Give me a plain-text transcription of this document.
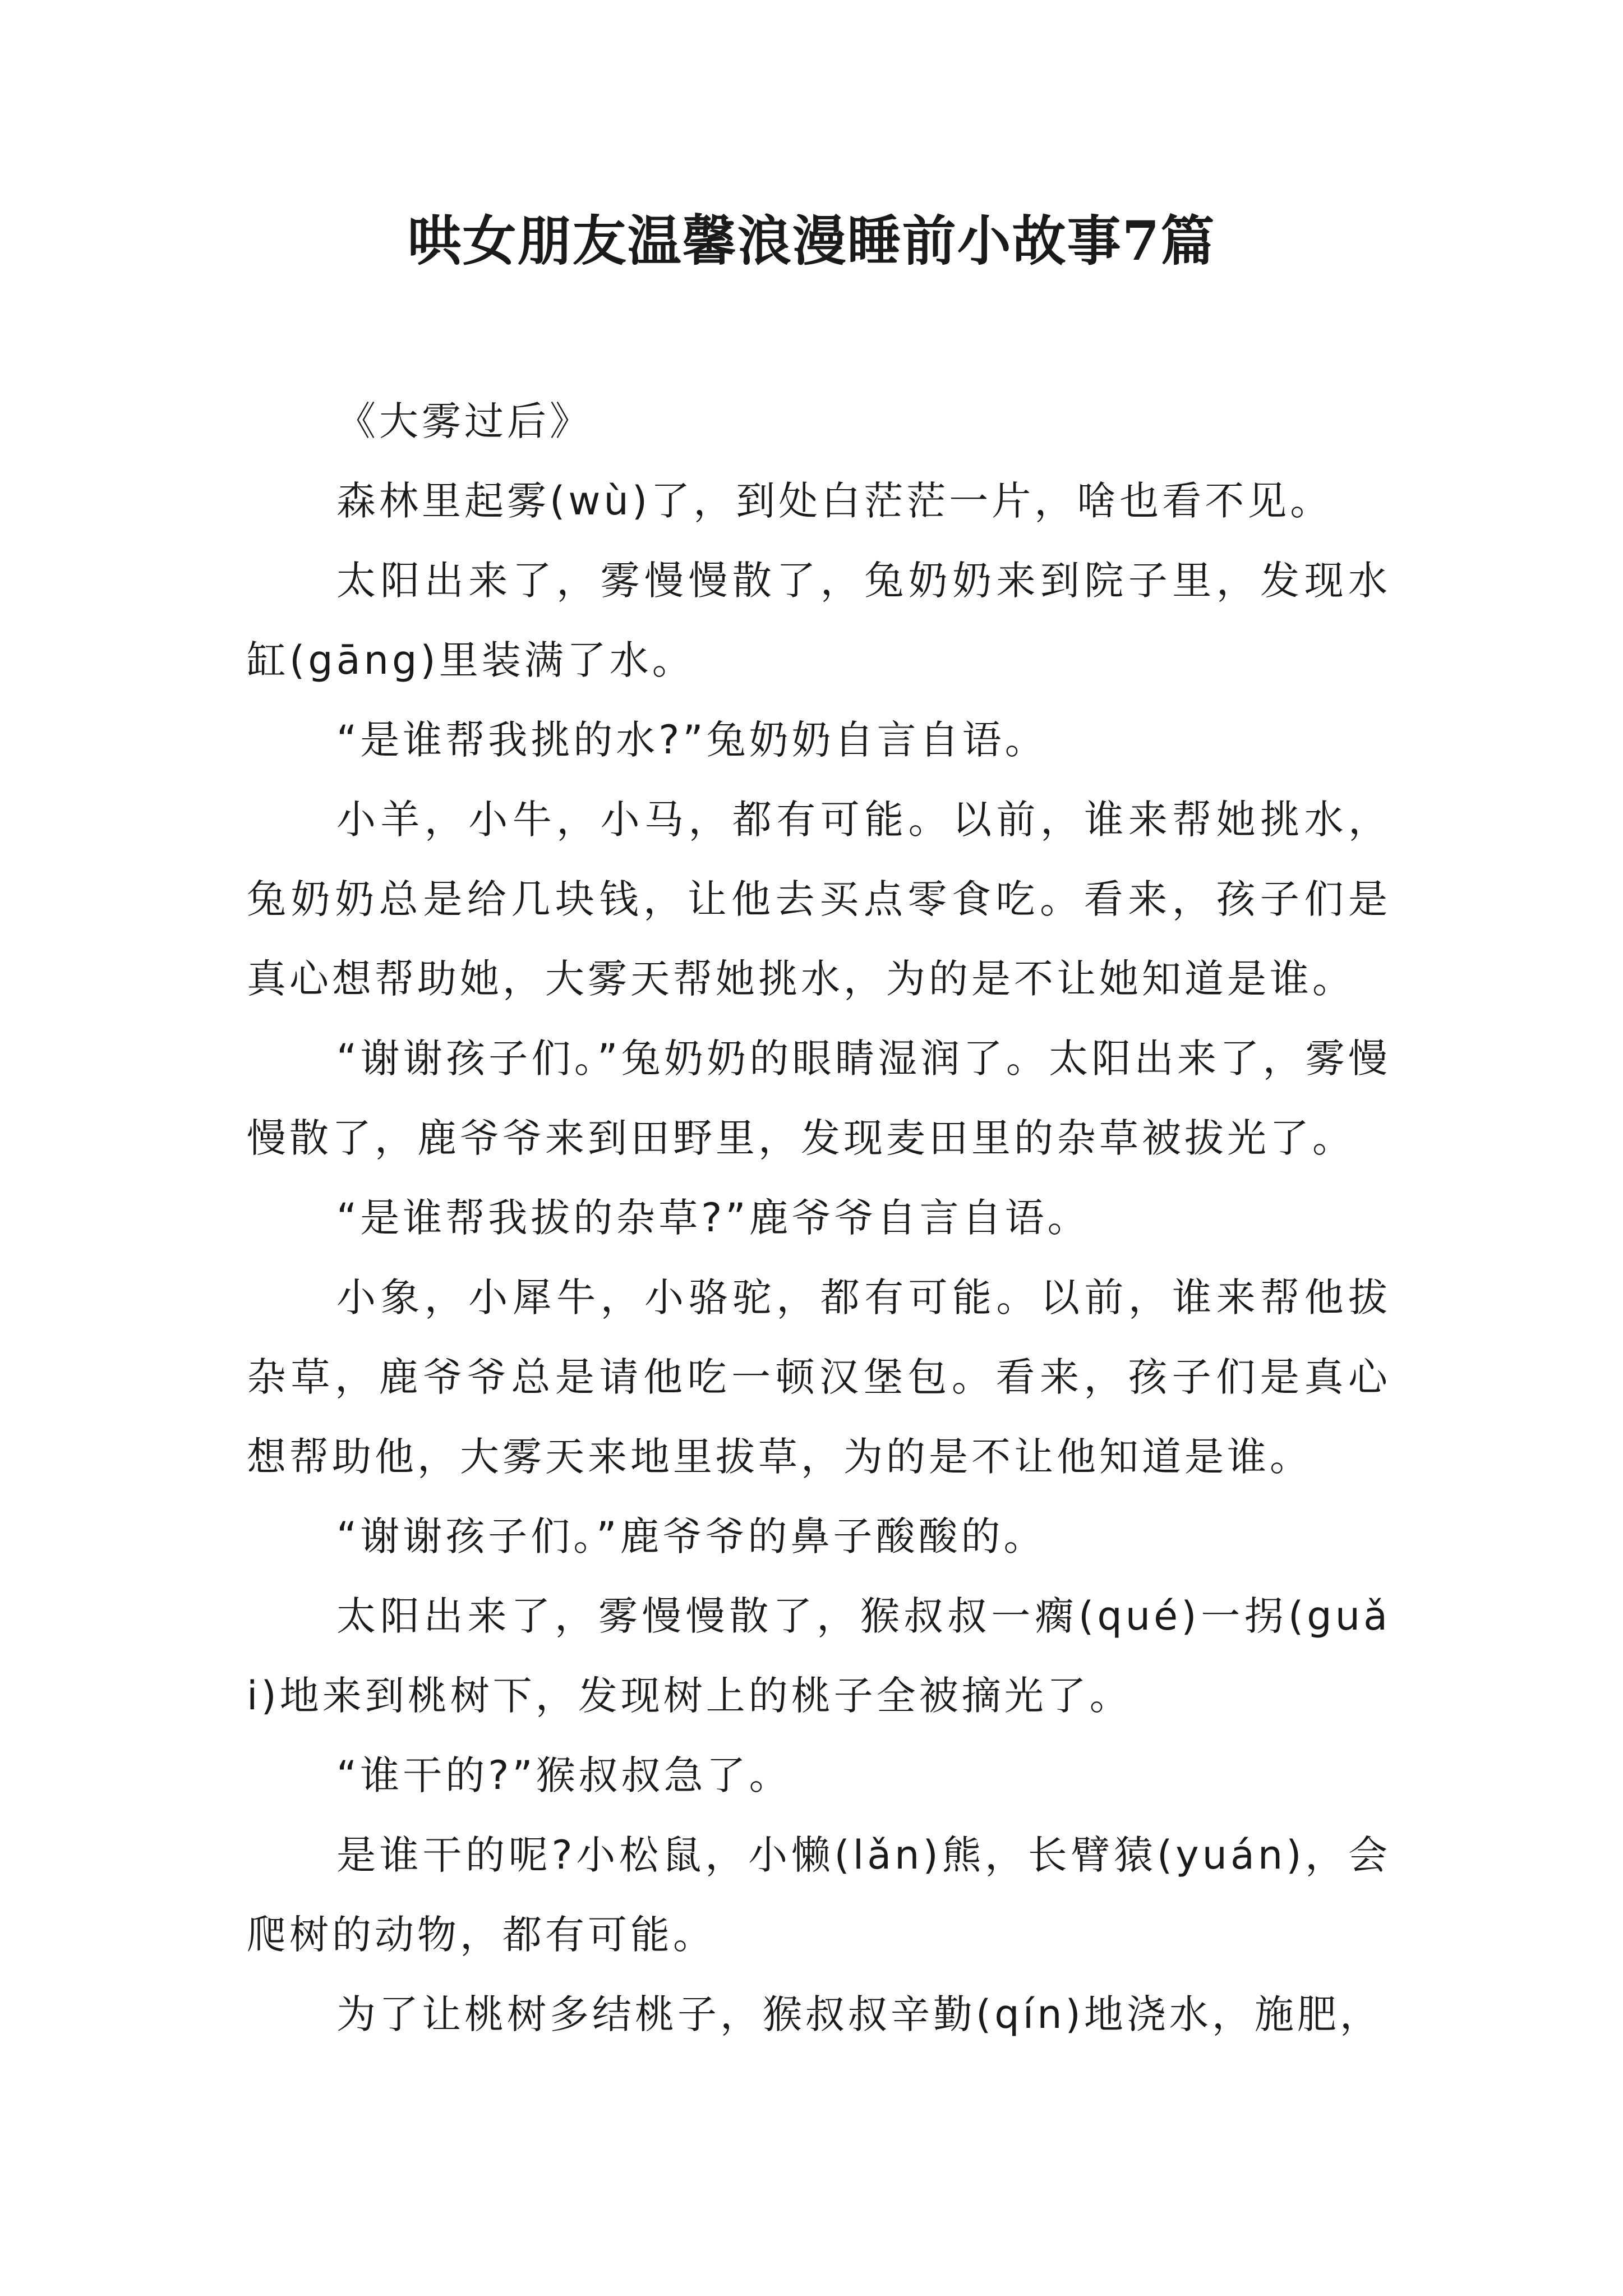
哄女朋友温馨浪漫睡前小故事7篇

《大雾过后》

森林里起雾(wù)了，到处白茫茫一片，啥也看不见。

太阳出来了，雾慢慢散了，兔奶奶来到院子里，发现水缸(gāng)里装满了水。

“是谁帮我挑的水?”兔奶奶自言自语。

小羊，小牛，小马，都有可能。以前，谁来帮她挑水，兔奶奶总是给几块钱，让他去买点零食吃。看来，孩子们是真心想帮助她，大雾天帮她挑水，为的是不让她知道是谁。

“谢谢孩子们。”兔奶奶的眼睛湿润了。太阳出来了，雾慢慢散了，鹿爷爷来到田野里，发现麦田里的杂草被拔光了。

“是谁帮我拔的杂草?”鹿爷爷自言自语。

小象，小犀牛，小骆驼，都有可能。以前，谁来帮他拔杂草，鹿爷爷总是请他吃一顿汉堡包。看来，孩子们是真心想帮助他，大雾天来地里拔草，为的是不让他知道是谁。

“谢谢孩子们。”鹿爷爷的鼻子酸酸的。

太阳出来了，雾慢慢散了，猴叔叔一瘸(qué)一拐(guǎi)地来到桃树下，发现树上的桃子全被摘光了。

“谁干的?”猴叔叔急了。

是谁干的呢?小松鼠，小懒(lǎn)熊，长臂猿(yuán)，会爬树的动物，都有可能。

为了让桃树多结桃子，猴叔叔辛勤(qín)地浇水，施肥，
